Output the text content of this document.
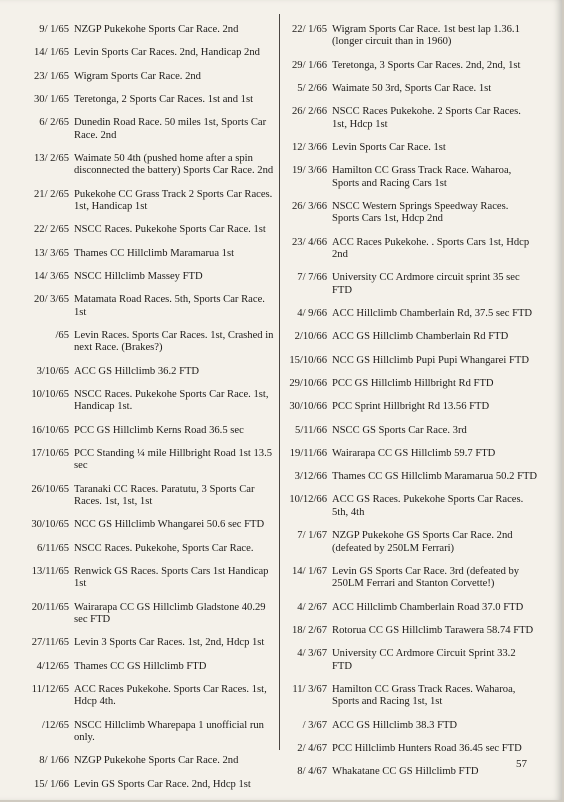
9/ 1/65 NZGP Pukekohe Sports Car Race. 2nd
14/ 1/65 Levin Sports Car Races. 2nd, Handicap 2nd
23/ 1/65 Wigram Sports Car Race. 2nd
30/ 1/65 Teretonga, 2 Sports Car Races. 1st and 1st
6/ 2/65 Dunedin Road Race. 50 miles 1st, Sports Car Race. 2nd
13/ 2/65 Waimate 50 4th (pushed home after a spin disconnected the battery) Sports Car Race. 2nd
21/ 2/65 Pukekohe CC Grass Track 2 Sports Car Races. 1st, Handicap 1st
22/ 2/65 NSCC Races. Pukekohe Sports Car Race. 1st
13/ 3/65 Thames CC Hillclimb Maramarua 1st
14/ 3/65 NSCC Hillclimb Massey FTD
20/ 3/65 Matamata Road Races. 5th, Sports Car Race. 1st
/65 Levin Races. Sports Car Races. 1st, Crashed in next Race. (Brakes?)
3/10/65 ACC GS Hillclimb 36.2 FTD
10/10/65 NSCC Races. Pukekohe Sports Car Race. 1st, Handicap 1st.
16/10/65 PCC GS Hillclimb Kerns Road 36.5 sec
17/10/65 PCC Standing ¼ mile Hillbright Road 1st 13.5 sec
26/10/65 Taranaki CC Races. Paratutu, 3 Sports Car Races. 1st, 1st, 1st
30/10/65 NCC GS Hillclimb Whangarei 50.6 sec FTD
6/11/65 NSCC Races. Pukekohe, Sports Car Race.
13/11/65 Renwick GS Races. Sports Cars 1st Handicap 1st
20/11/65 Wairarapa CC GS Hillclimb Gladstone 40.29 sec FTD
27/11/65 Levin 3 Sports Car Races. 1st, 2nd, Hdcp 1st
4/12/65 Thames CC GS Hillclimb FTD
11/12/65 ACC Races Pukekohe. Sports Car Races. 1st, Hdcp 4th.
/12/65 NSCC Hillclimb Wharepapa 1 unofficial run only.
8/ 1/66 NZGP Pukekohe Sports Car Race. 2nd
15/ 1/66 Levin GS Sports Car Race. 2nd, Hdcp 1st
22/ 1/65 Wigram Sports Car Race. 1st best lap 1.36.1 (longer circuit than in 1960)
29/ 1/66 Teretonga, 3 Sports Car Races. 2nd, 2nd, 1st
5/ 2/66 Waimate 50 3rd, Sports Car Race. 1st
26/ 2/66 NSCC Races Pukekohe. 2 Sports Car Races. 1st, Hdcp 1st
12/ 3/66 Levin Sports Car Race. 1st
19/ 3/66 Hamilton CC Grass Track Race. Waharoa, Sports and Racing Cars 1st
26/ 3/66 NSCC Western Springs Speedway Races. Sports Cars 1st, Hdcp 2nd
23/ 4/66 ACC Races Pukekohe. . Sports Cars 1st, Hdcp 2nd
7/ 7/66 University CC Ardmore circuit sprint 35 sec FTD
4/ 9/66 ACC Hillclimb Chamberlain Rd, 37.5 sec FTD
2/10/66 ACC GS Hillclimb Chamberlain Rd FTD
15/10/66 NCC GS Hillclimb Pupi Pupi Whangarei FTD
29/10/66 PCC GS Hillclimb Hillbright Rd FTD
30/10/66 PCC Sprint Hillbright Rd 13.56 FTD
5/11/66 NSCC GS Sports Car Race. 3rd
19/11/66 Wairarapa CC GS Hillclimb 59.7 FTD
3/12/66 Thames CC GS Hillclimb Maramarua 50.2 FTD
10/12/66 ACC GS Races. Pukekohe Sports Car Races. 5th, 4th
7/ 1/67 NZGP Pukekohe GS Sports Car Race. 2nd (defeated by 250LM Ferrari)
14/ 1/67 Levin GS Sports Car Race. 3rd (defeated by 250LM Ferrari and Stanton Corvette!)
4/ 2/67 ACC Hillclimb Chamberlain Road 37.0 FTD
18/ 2/67 Rotorua CC GS Hillclimb Tarawera 58.74 FTD
4/ 3/67 University CC Ardmore Circuit Sprint 33.2 FTD
11/ 3/67 Hamilton CC Grass Track Races. Waharoa, Sports and Racing 1st, 1st
/ 3/67 ACC GS Hillclimb 38.3 FTD
2/ 4/67 PCC Hillclimb Hunters Road 36.45 sec FTD
8/ 4/67 Whakatane CC GS Hillclimb FTD
57
